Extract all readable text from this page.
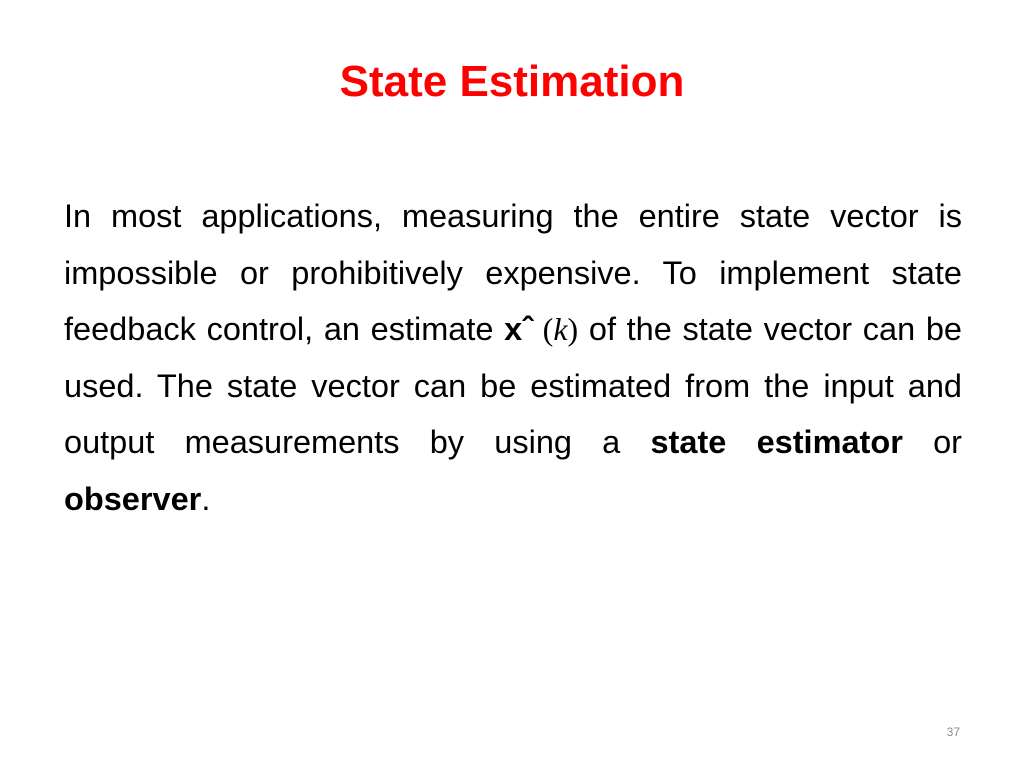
State Estimation
In most applications, measuring the entire state vector is impossible or prohibitively expensive. To implement state feedback control, an estimate xˆ (k) of the state vector can be used. The state vector can be estimated from the input and output measurements by using a state estimator or observer.
37
